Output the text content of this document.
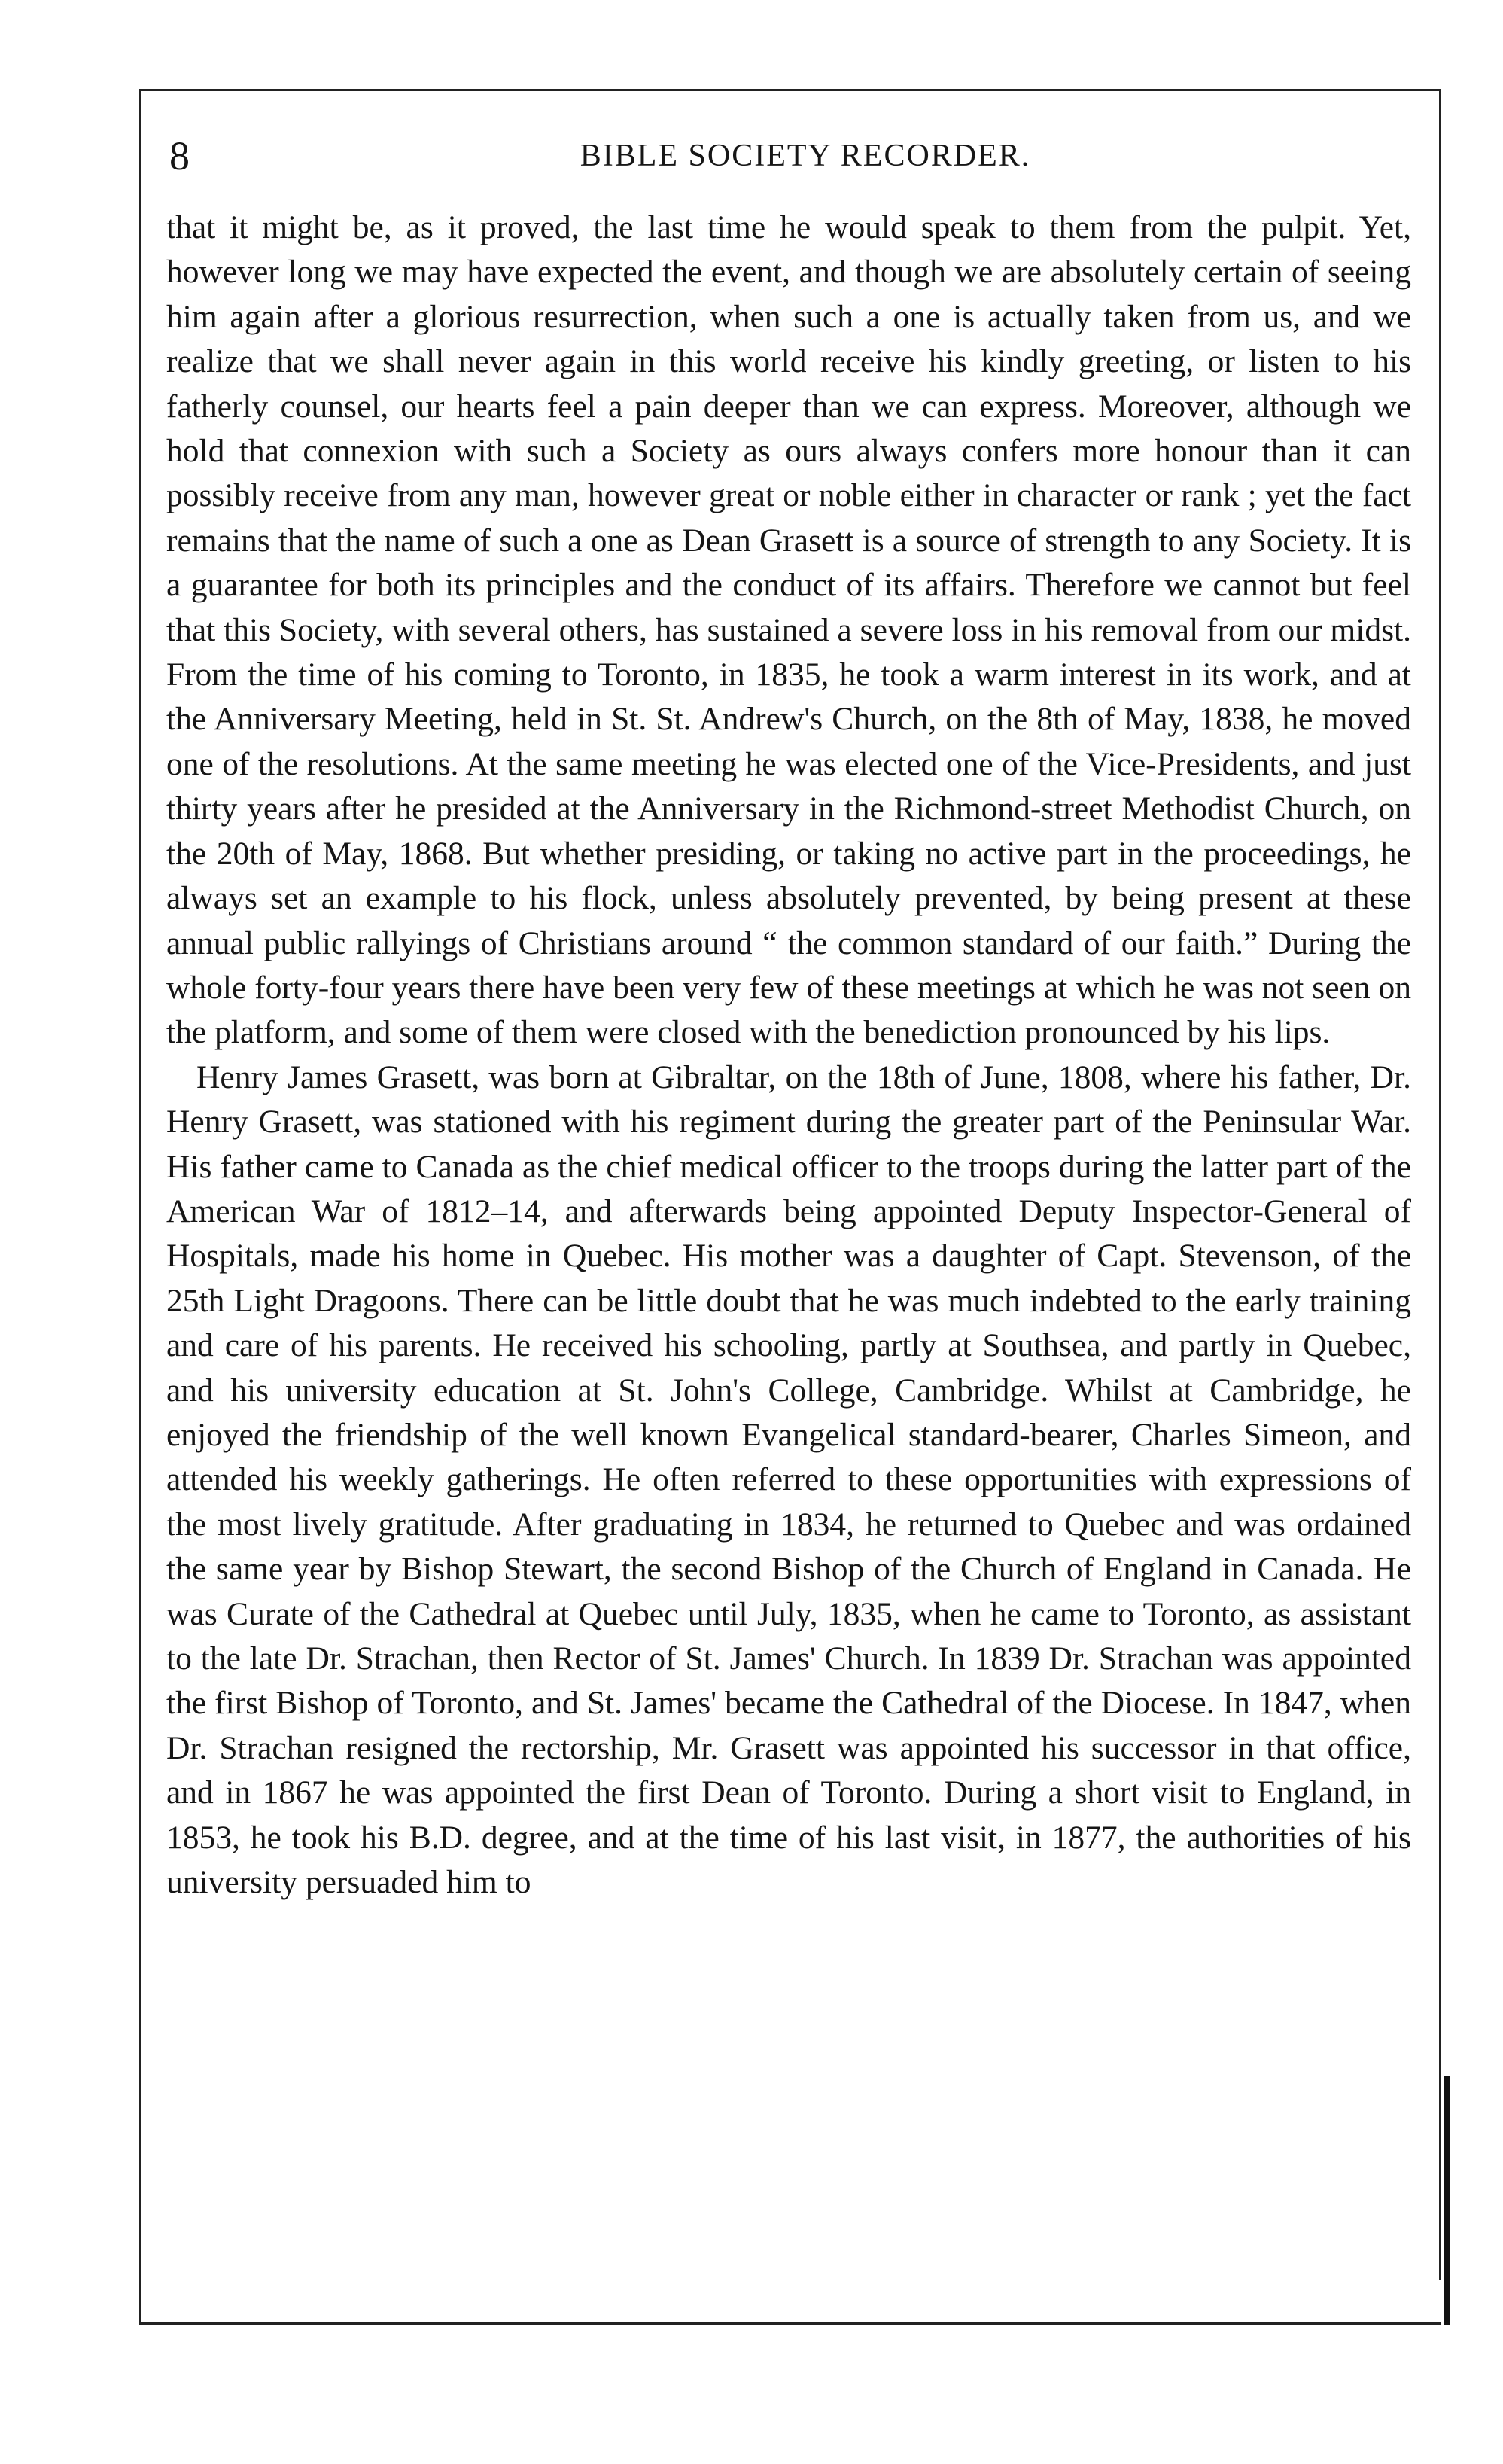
8	BIBLE SOCIETY RECORDER.

that it might be, as it proved, the last time he would speak to them from the pulpit. Yet, however long we may have expected the event, and though we are absolutely certain of seeing him again after a glorious resurrection, when such a one is actually taken from us, and we realize that we shall never again in this world receive his kindly greeting, or listen to his fatherly counsel, our hearts feel a pain deeper than we can express. Moreover, although we hold that connexion with such a Society as ours always confers more honour than it can possibly receive from any man, however great or noble either in character or rank ; yet the fact remains that the name of such a one as Dean Grasett is a source of strength to any Society. It is a guarantee for both its principles and the conduct of its affairs. Therefore we cannot but feel that this Society, with several others, has sustained a severe loss in his removal from our midst. From the time of his coming to Toronto, in 1835, he took a warm interest in its work, and at the Anniversary Meeting, held in St. St. Andrew's Church, on the 8th of May, 1838, he moved one of the resolutions. At the same meeting he was elected one of the Vice-Presidents, and just thirty years after he presided at the Anniversary in the Richmond-street Methodist Church, on the 20th of May, 1868. But whether presiding, or taking no active part in the proceedings, he always set an example to his flock, unless absolutely prevented, by being present at these annual public rallyings of Christians around “ the common standard of our faith.” During the whole forty-four years there have been very few of these meetings at which he was not seen on the platform, and some of them were closed with the benediction pronounced by his lips.

Henry James Grasett, was born at Gibraltar, on the 18th of June, 1808, where his father, Dr. Henry Grasett, was stationed with his regiment during the greater part of the Peninsular War. His father came to Canada as the chief medical officer to the troops during the latter part of the American War of 1812–14, and afterwards being appointed Deputy Inspector-General of Hospitals, made his home in Quebec. His mother was a daughter of Capt. Stevenson, of the 25th Light Dragoons. There can be little doubt that he was much indebted to the early training and care of his parents. He received his schooling, partly at Southsea, and partly in Quebec, and his university education at St. John's College, Cambridge. Whilst at Cambridge, he enjoyed the friendship of the well known Evangelical standard-bearer, Charles Simeon, and attended his weekly gatherings. He often referred to these opportunities with expressions of the most lively gratitude. After graduating in 1834, he returned to Quebec and was ordained the same year by Bishop Stewart, the second Bishop of the Church of England in Canada. He was Curate of the Cathedral at Quebec until July, 1835, when he came to Toronto, as assistant to the late Dr. Strachan, then Rector of St. James' Church. In 1839 Dr. Strachan was appointed the first Bishop of Toronto, and St. James' became the Cathedral of the Diocese. In 1847, when Dr. Strachan resigned the rectorship, Mr. Grasett was appointed his successor in that office, and in 1867 he was appointed the first Dean of Toronto. During a short visit to England, in 1853, he took his B.D. degree, and at the time of his last visit, in 1877, the authorities of his university persuaded him to
